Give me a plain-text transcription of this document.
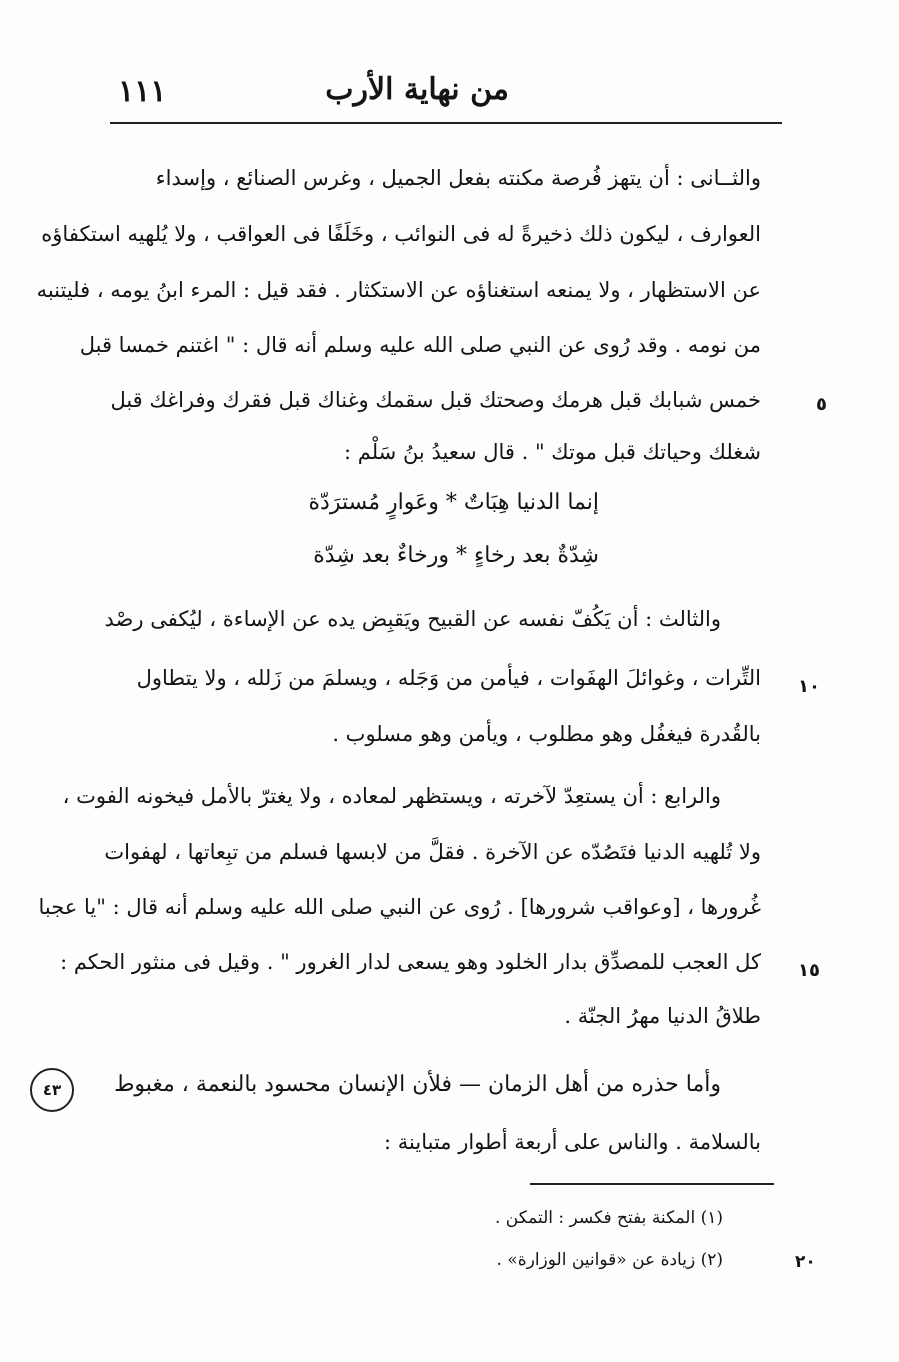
١١١	من نهاية الأرب
والثــانى : أن يتهز فُرصة مكنته بفعل الجميل ، وغرس الصنائع ، وإسداء
العوارف ، ليكون ذلك ذخيرةً له فى النوائب ، وخَلَفًا فى العواقب ، ولا يُلهيه استكفاؤه
عن الاستظهار ، ولا يمنعه استغناؤه عن الاستكثار . فقد قيل : المرء ابنُ يومه ، فليتنبه
من نومه . وقد رُوى عن النبي صلى الله عليه وسلم أنه قال : " اغتنم خمسا قبل
خمس شبابك قبل هرمك وصحتك قبل سقمك وغناك قبل فقرك وفراغك قبل
شغلك وحياتك قبل موتك " . قال سعيدُ بنُ سَلْم :
إنما الدنيا هِبَاتٌ * وعَوارٍ مُسترَدّة
شِدّةٌ بعد رخاءٍ * ورخاءٌ بعد شِدّة
والثالث : أن يَكُفّ نفسه عن القبيح ويَقبِض يده عن الإساءة ، ليُكفى رصْد
التِّرات ، وغوائلَ الهفَوات ، فيأمن من وَجَله ، ويسلمَ من زَلله ، ولا يتطاول
بالقُدرة فيغفُل وهو مطلوب ، ويأمن وهو مسلوب .
والرابع : أن يستعِدّ لآخرته ، ويستظهر لمعاده ، ولا يغترّ بالأمل فيخونه الفوت ،
ولا تُلهيه الدنيا فتَصُدّه عن الآخرة . فقلَّ من لابسها فسلم من تبِعاتها ، لهفوات
غُرورها ، [وعواقب شرورها] . رُوى عن النبي صلى الله عليه وسلم أنه قال : "يا عجبا
كل العجب للمصدِّق بدار الخلود وهو يسعى لدار الغرور " . وقيل فى منثور الحكم :
طلاقُ الدنيا مهرُ الجنّة .
وأما حذره من أهل الزمان — فلأن الإنسان محسود بالنعمة ، مغبوط
بالسلامة . والناس على أربعة أطوار متباينة :
٥
١٠
١٥
٤٣
(١) المكنة بفتح فكسر : التمكن .
(٢) زيادة عن «قوانين الوزارة» .	٢٠
